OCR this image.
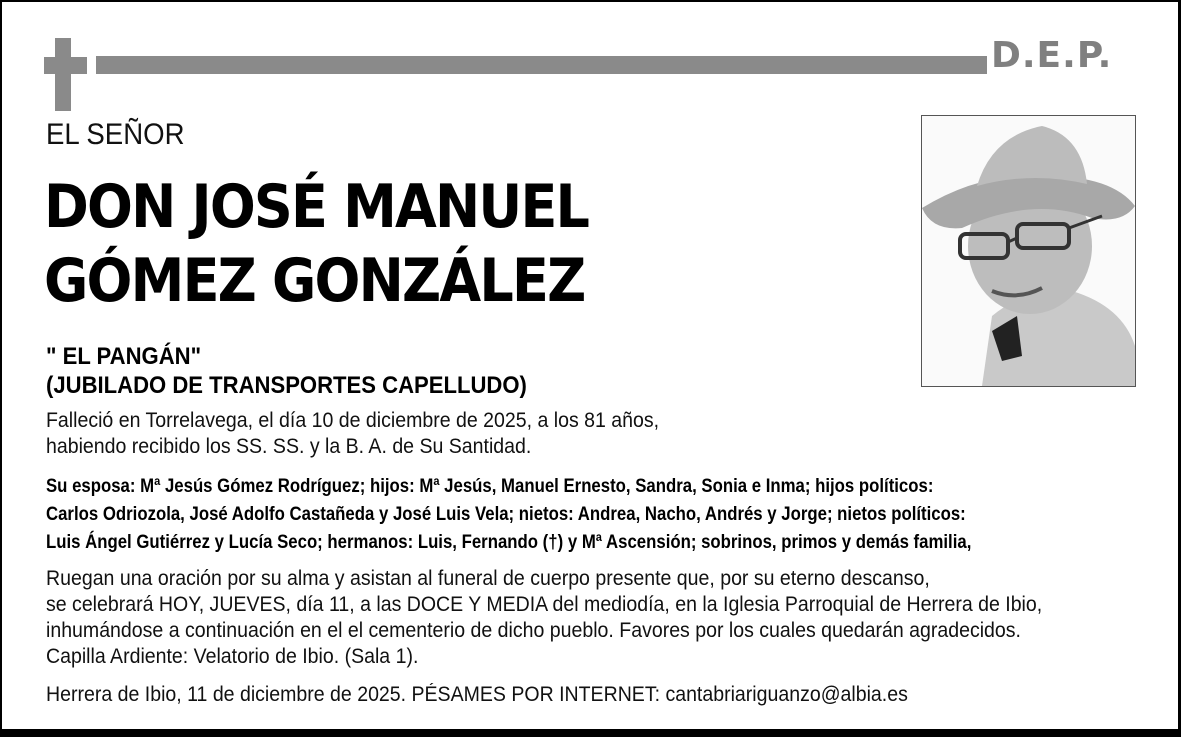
D.E.P.
EL SEÑOR
DON JOSÉ MANUEL
GÓMEZ GONZÁLEZ
" EL PANGÁN"
(JUBILADO DE TRANSPORTES CAPELLUDO)
Falleció en Torrelavega, el día 10 de diciembre de 2025, a los 81 años,
habiendo recibido los SS. SS. y la B. A. de Su Santidad.
Su esposa: Mª Jesús Gómez Rodríguez; hijos: Mª Jesús, Manuel Ernesto, Sandra, Sonia e Inma; hijos políticos:
Carlos Odriozola, José Adolfo Castañeda y José Luis Vela; nietos: Andrea, Nacho, Andrés y Jorge; nietos políticos:
Luis Ángel Gutiérrez y Lucía Seco; hermanos: Luis, Fernando (†) y Mª Ascensión; sobrinos, primos y demás familia,
Ruegan una oración por su alma y asistan al funeral de cuerpo presente que, por su eterno descanso,
se celebrará HOY, JUEVES, día 11, a las DOCE Y MEDIA del mediodía, en la Iglesia Parroquial de Herrera de Ibio,
inhumándose a continuación en el el cementerio de dicho pueblo. Favores por los cuales quedarán agradecidos.
Capilla Ardiente: Velatorio de Ibio. (Sala 1).
Herrera de Ibio, 11 de diciembre de 2025. PÉSAMES POR INTERNET: cantabriariguanzo@albia.es
